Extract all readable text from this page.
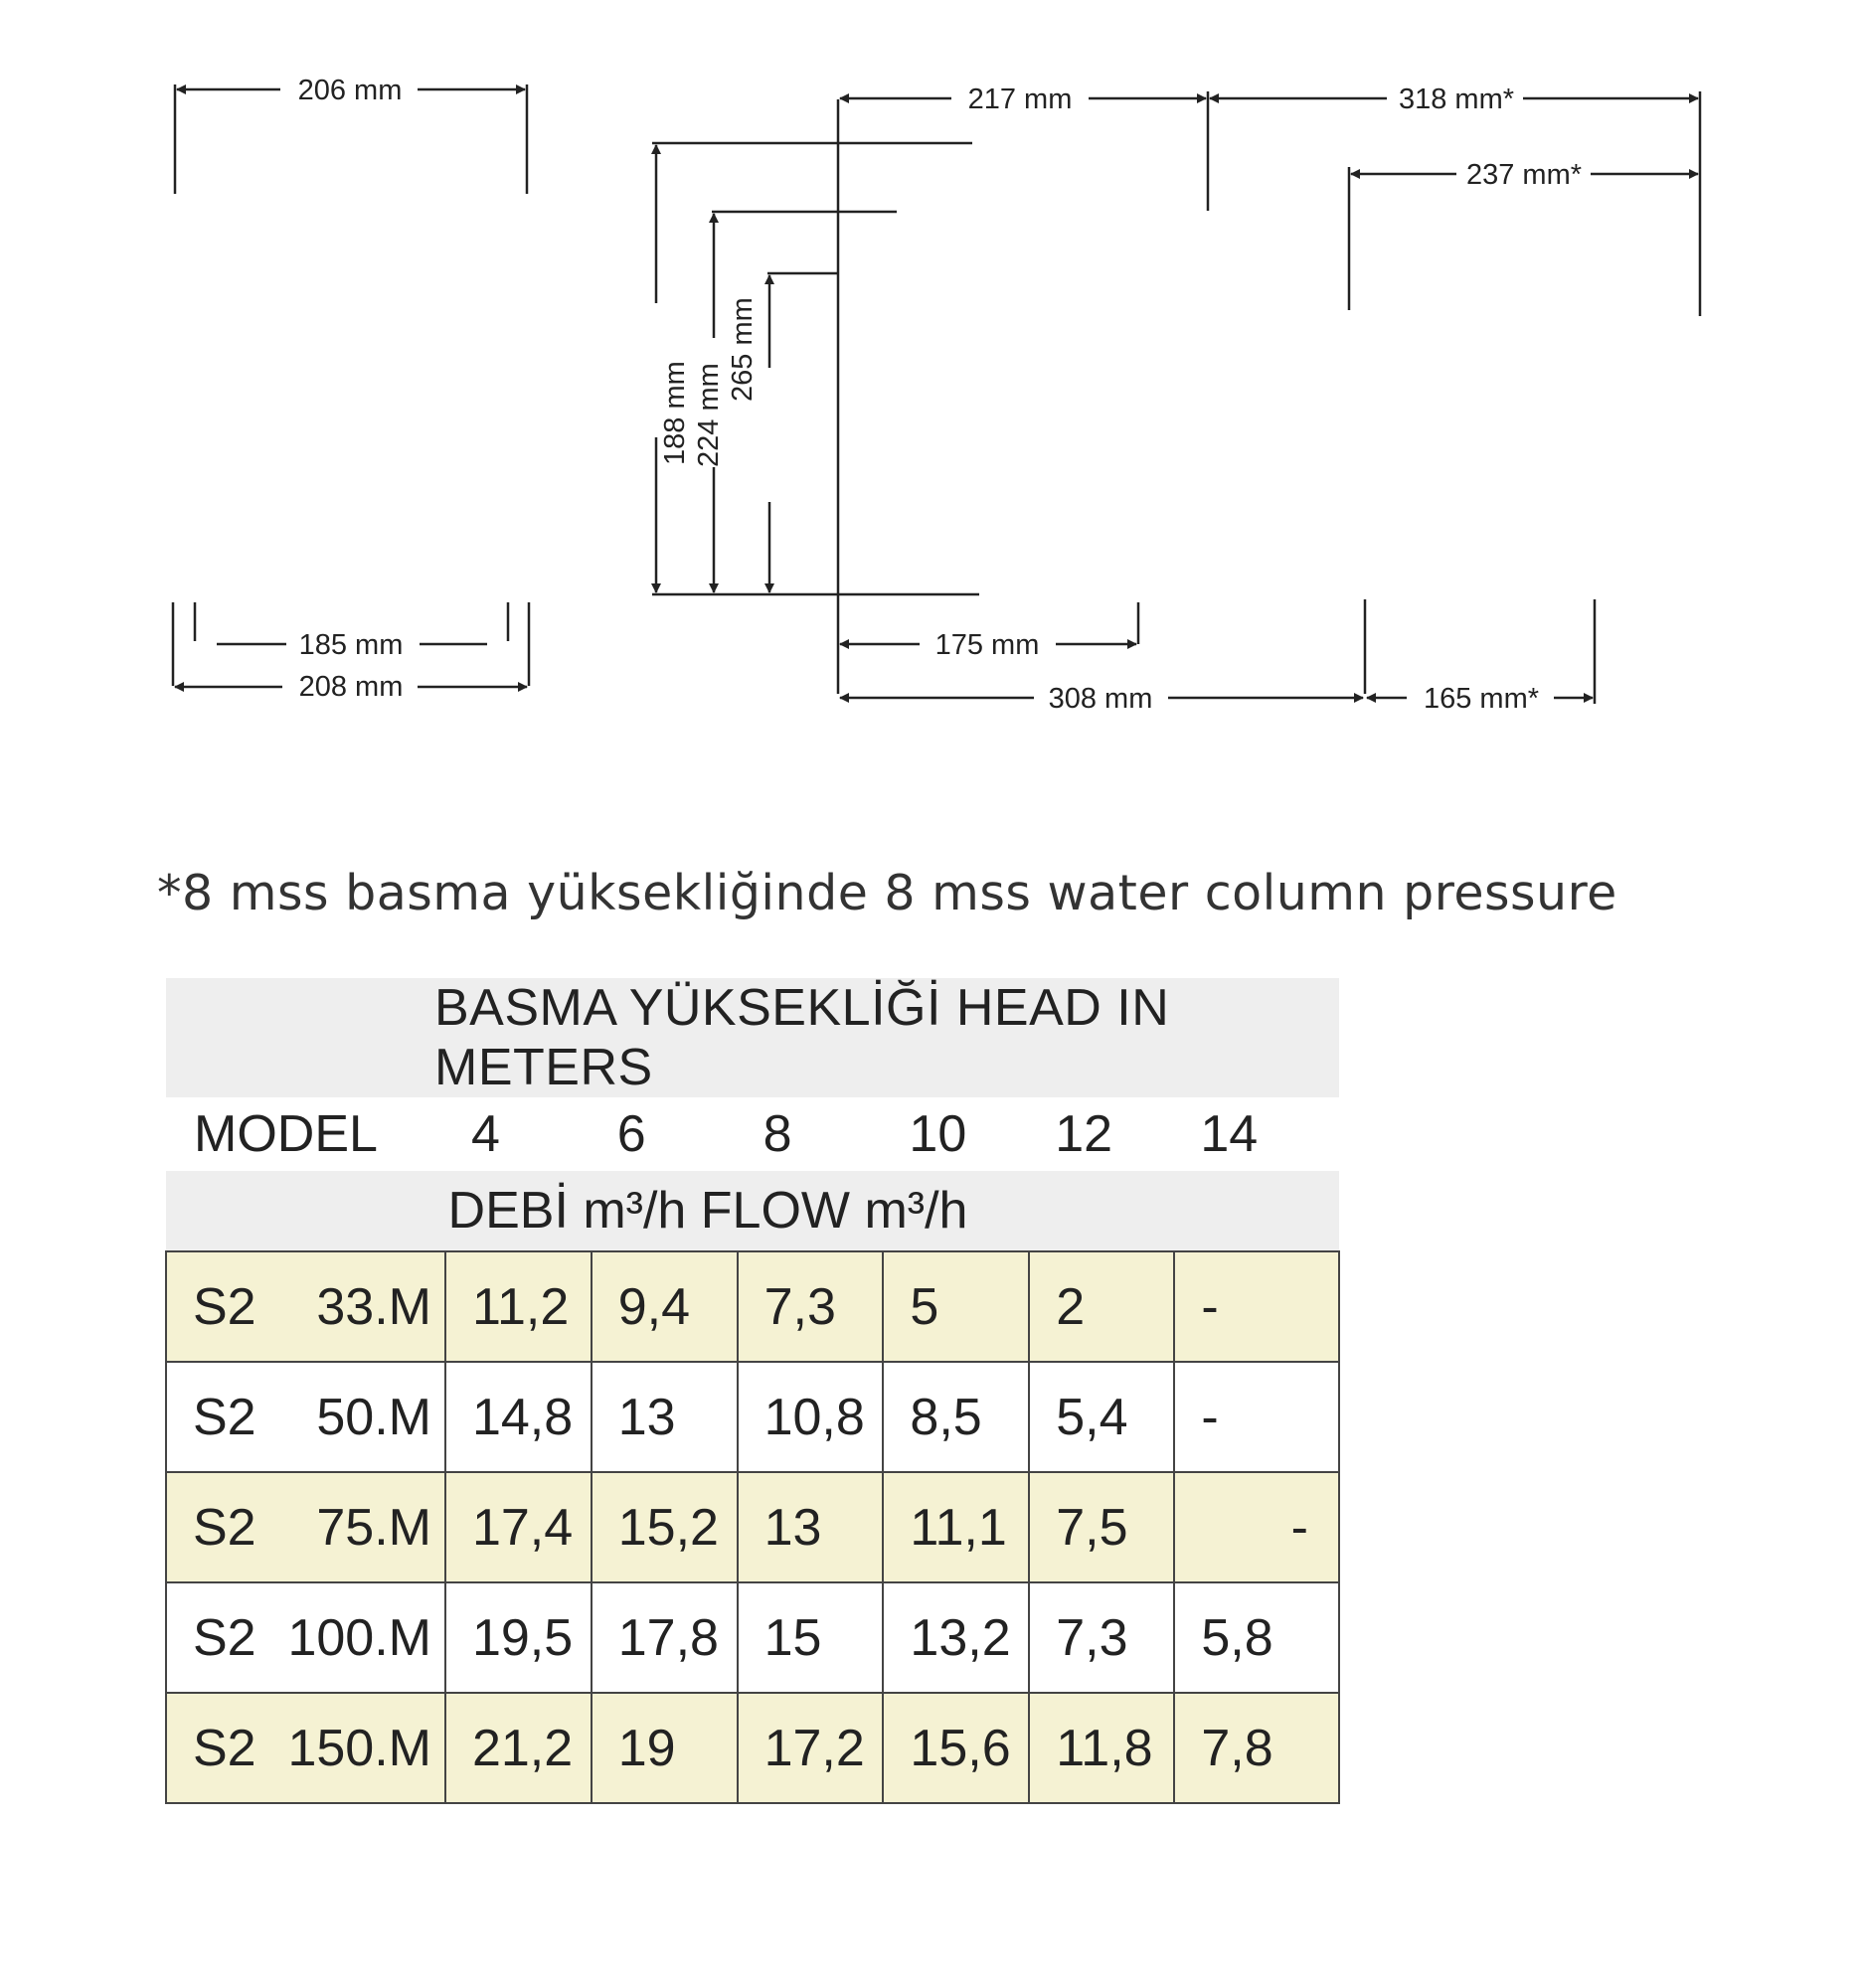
206 mm
185 mm
208 mm
217 mm
188 mm 224 mm
265 mm
175 mm
308 mm
318 mm*
237 mm*
165 mm*
*8 mss basma yüksekliğinde 8 mss water column pressure
BASMA YÜKSEKLİĞİ HEAD IN METERS						
MODEL	4	6	8	10	12	14
DEBİ m³/h FLOW m³/h						
S2 33.M	11,2	9,4	7,3	5	2	-
S2 50.M	14,8	13	10,8	8,5	5,4	-
S2 75.M	17,4	15,2	13	11,1	7,5	-
S2 100.M	19,5	17,8	15	13,2	7,3	5,8
S2 150.M	21,2	19	17,2	15,6	11,8	7,8
